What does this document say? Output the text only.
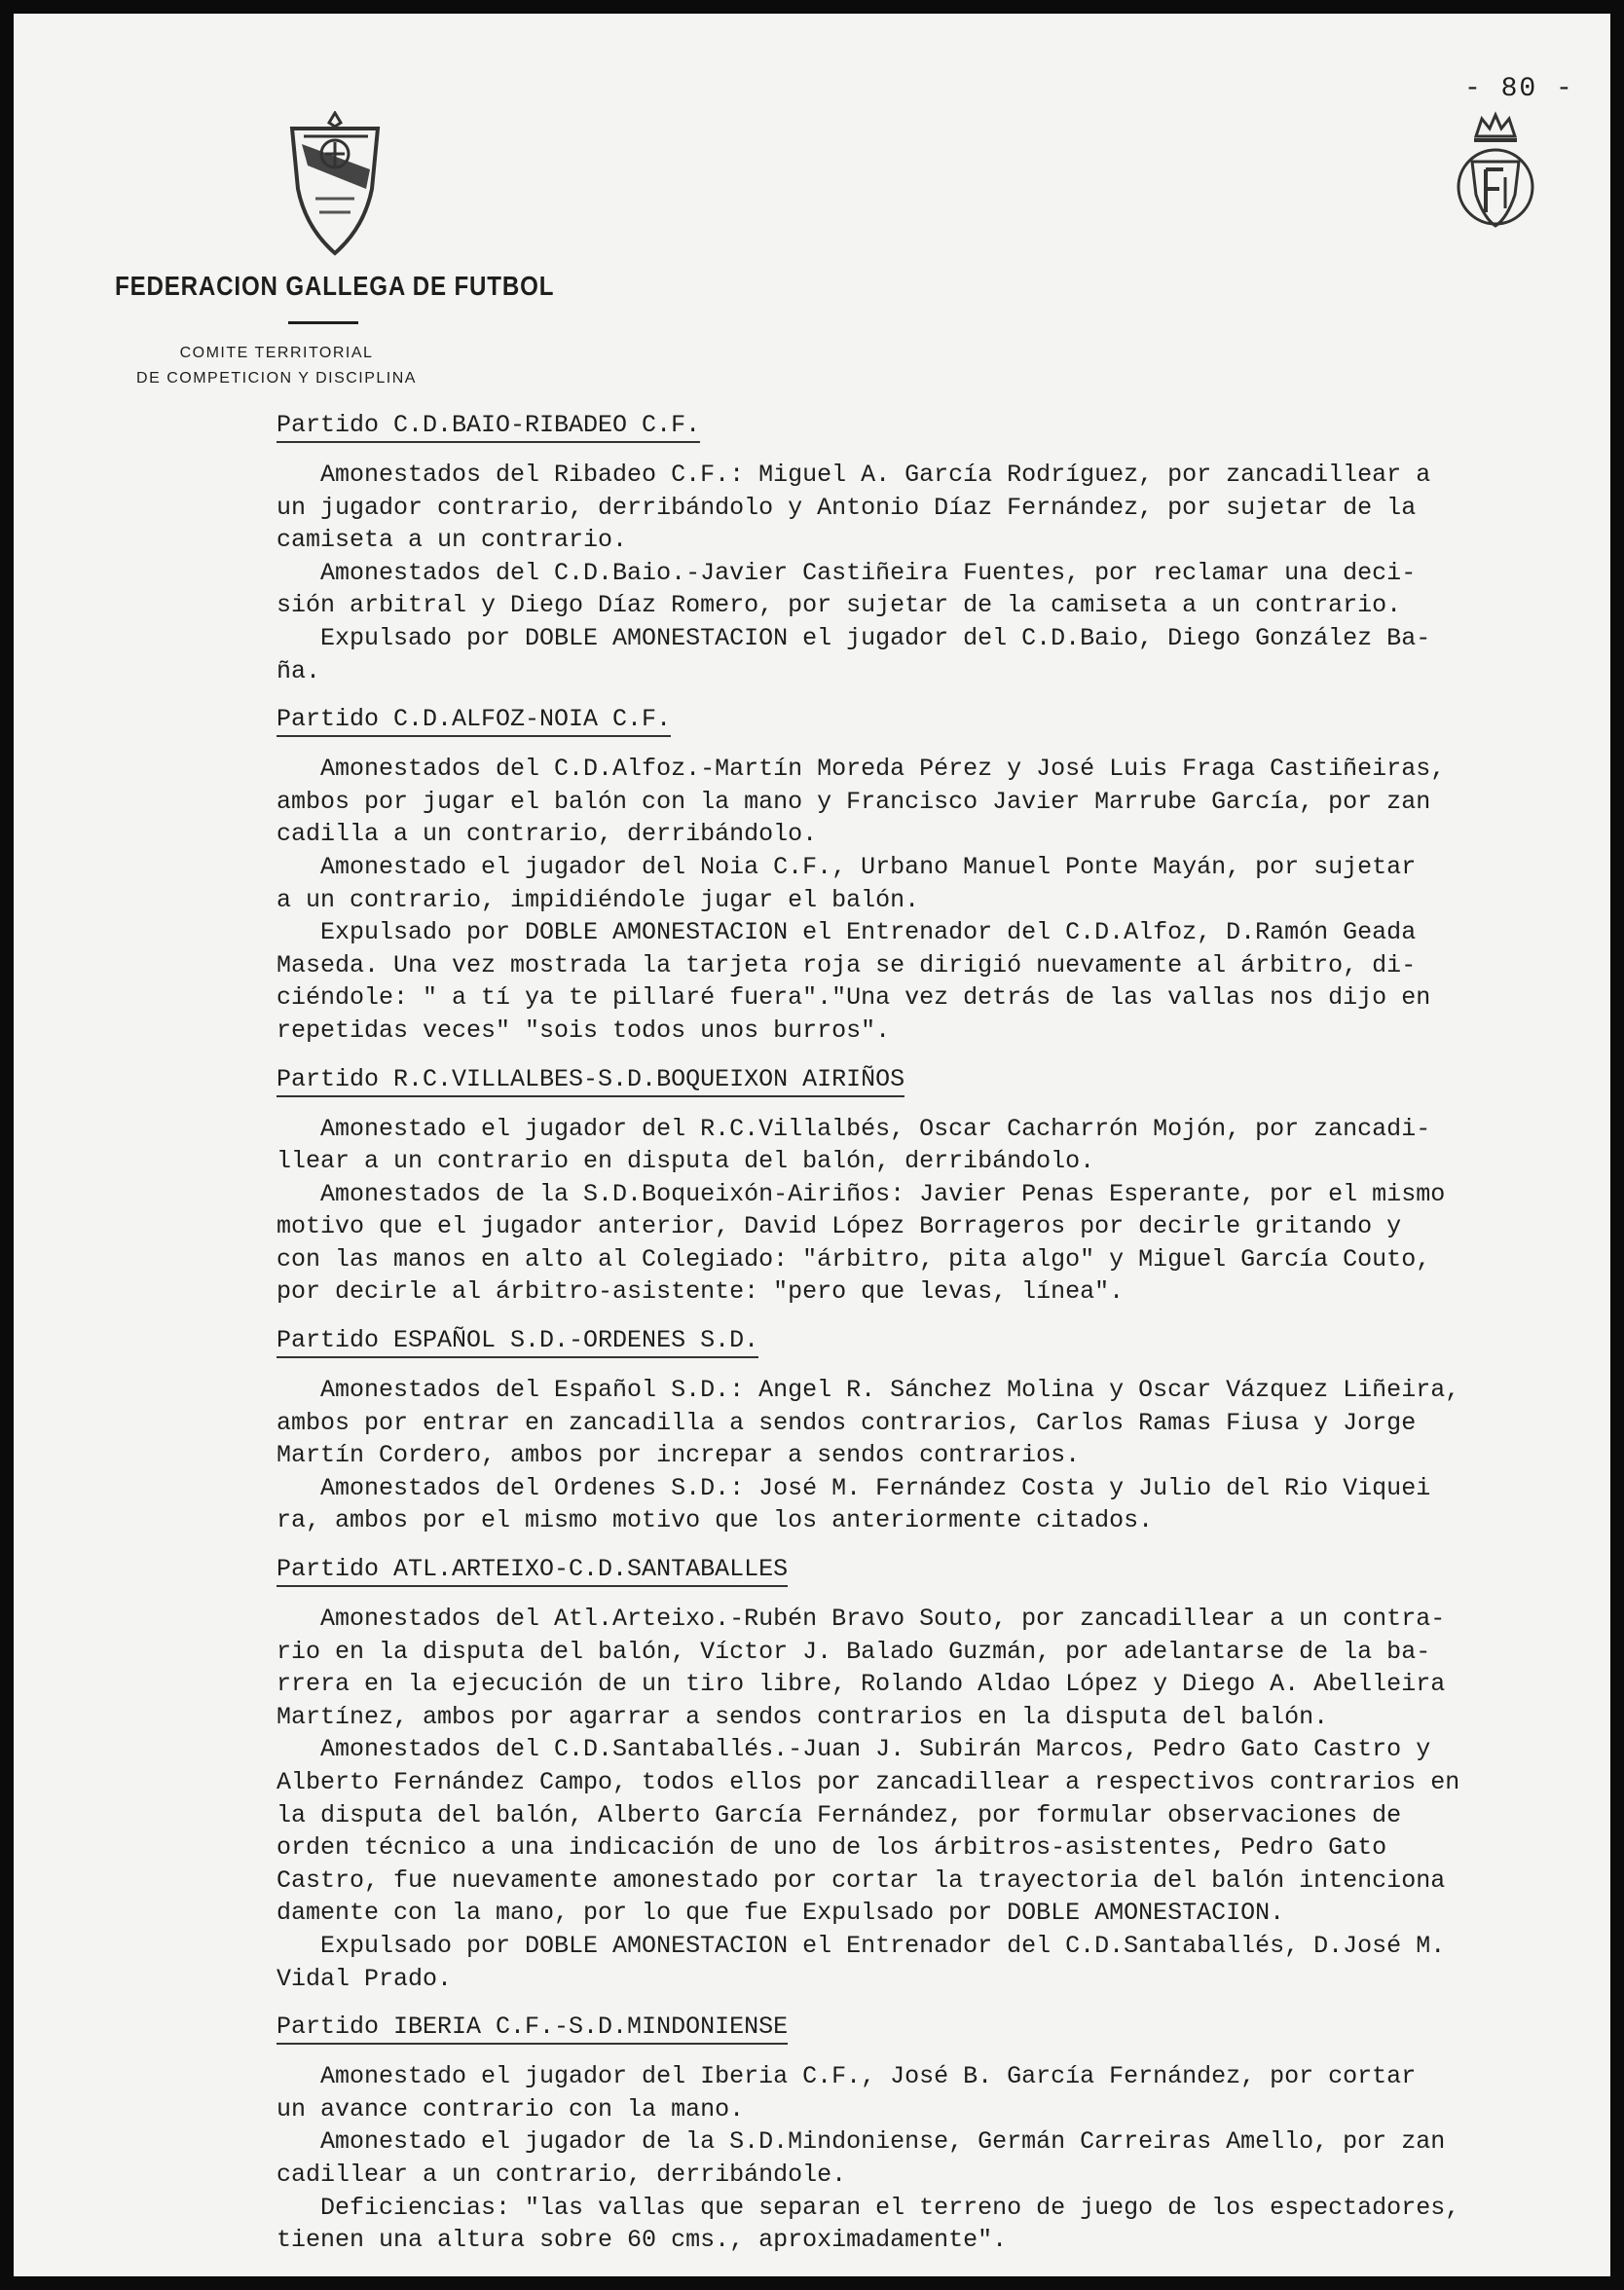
- 80 -
FEDERACION GALLEGA DE FUTBOL
COMITE TERRITORIAL
DE COMPETICION Y DISCIPLINA
Partido C.D.BAIO-RIBADEO C.F.
Amonestados del Ribadeo C.F.: Miguel A. García Rodríguez, por zancadillear a
un jugador contrario, derribándolo y Antonio Díaz Fernández, por sujetar de la
camiseta a un contrario.
Amonestados del C.D.Baio.-Javier Castiñeira Fuentes, por reclamar una deci-
sión arbitral y Diego Díaz Romero, por sujetar de la camiseta a un contrario.
Expulsado por DOBLE AMONESTACION el jugador del C.D.Baio, Diego González Ba-
ña.
Partido C.D.ALFOZ-NOIA C.F.
Amonestados del C.D.Alfoz.-Martín Moreda Pérez y José Luis Fraga Castiñeiras,
ambos por jugar el balón con la mano y Francisco Javier Marrube García, por zan
cadilla a un contrario, derribándolo.
Amonestado el jugador del Noia C.F., Urbano Manuel Ponte Mayán, por sujetar
a un contrario, impidiéndole jugar el balón.
Expulsado por DOBLE AMONESTACION el Entrenador del C.D.Alfoz, D.Ramón Geada
Maseda. Una vez mostrada la tarjeta roja se dirigió nuevamente al árbitro, di-
ciéndole: " a tí ya te pillaré fuera"."Una vez detrás de las vallas nos dijo en
repetidas veces" "sois todos unos burros".
Partido R.C.VILLALBES-S.D.BOQUEIXON AIRIÑOS
Amonestado el jugador del R.C.Villalbés, Oscar Cacharrón Mojón, por zancadi-
llear a un contrario en disputa del balón, derribándolo.
Amonestados de la S.D.Boqueixón-Airiños: Javier Penas Esperante, por el mismo
motivo que el jugador anterior, David López Borrageros por decirle gritando y
con las manos en alto al Colegiado: "árbitro, pita algo" y Miguel García Couto,
por decirle al árbitro-asistente: "pero que levas, línea".
Partido ESPAÑOL S.D.-ORDENES S.D.
Amonestados del Español S.D.: Angel R. Sánchez Molina y Oscar Vázquez Liñeira,
ambos por entrar en zancadilla a sendos contrarios, Carlos Ramas Fiusa y Jorge
Martín Cordero, ambos por increpar a sendos contrarios.
Amonestados del Ordenes S.D.: José M. Fernández Costa y Julio del Rio Viquei
ra, ambos por el mismo motivo que los anteriormente citados.
Partido ATL.ARTEIXO-C.D.SANTABALLES
Amonestados del Atl.Arteixo.-Rubén Bravo Souto, por zancadillear a un contra-
rio en la disputa del balón, Víctor J. Balado Guzmán, por adelantarse de la ba-
rrera en la ejecución de un tiro libre, Rolando Aldao López y Diego A. Abelleira
Martínez, ambos por agarrar a sendos contrarios en la disputa del balón.
Amonestados del C.D.Santaballés.-Juan J. Subirán Marcos, Pedro Gato Castro y
Alberto Fernández Campo, todos ellos por zancadillear a respectivos contrarios en
la disputa del balón, Alberto García Fernández, por formular observaciones de
orden técnico a una indicación de uno de los árbitros-asistentes, Pedro Gato
Castro, fue nuevamente amonestado por cortar la trayectoria del balón intenciona
damente con la mano, por lo que fue Expulsado por DOBLE AMONESTACION.
Expulsado por DOBLE AMONESTACION el Entrenador del C.D.Santaballés, D.José M.
Vidal Prado.
Partido IBERIA C.F.-S.D.MINDONIENSE
Amonestado el jugador del Iberia C.F., José B. García Fernández, por cortar
un avance contrario con la mano.
Amonestado el jugador de la S.D.Mindoniense, Germán Carreiras Amello, por zan
cadillear a un contrario, derribándole.
Deficiencias: "las vallas que separan el terreno de juego de los espectadores,
tienen una altura sobre 60 cms., aproximadamente".
